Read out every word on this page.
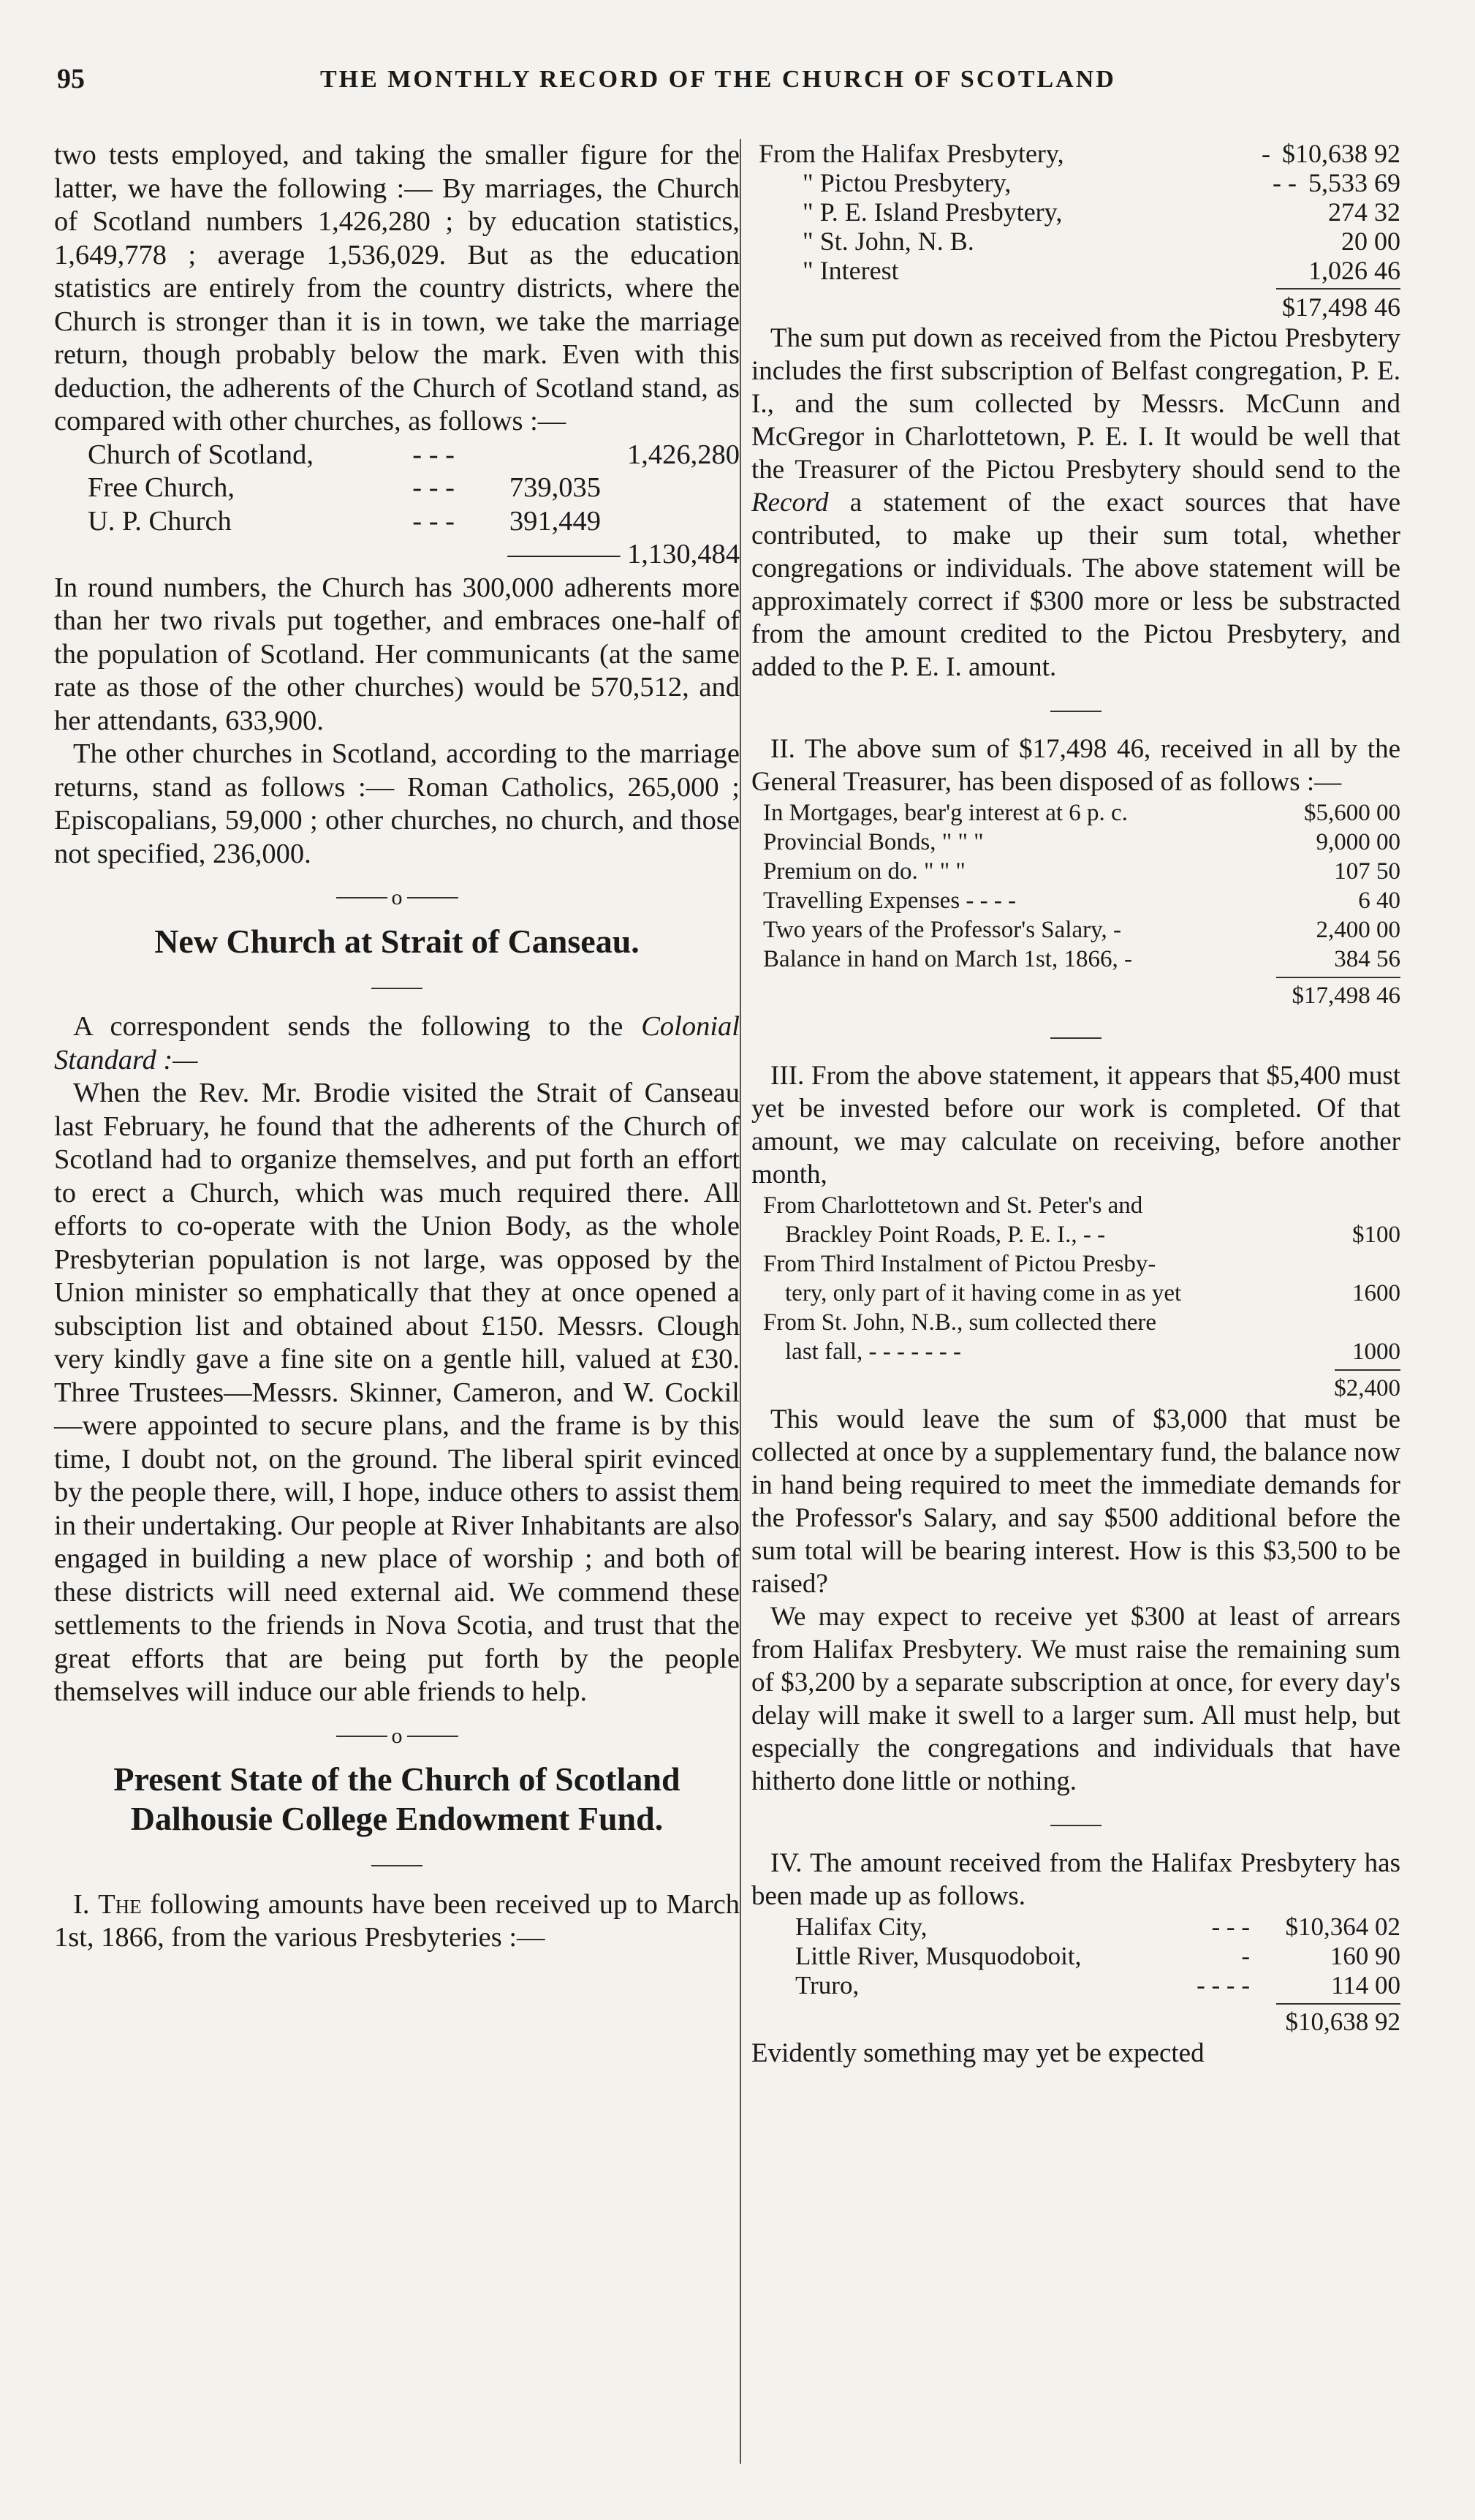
95	THE MONTHLY RECORD OF THE CHURCH OF SCOTLAND

two tests employed, and taking the smaller figure for the latter, we have the following :— By marriages, the Church of Scotland numbers 1,426,280 ; by education statistics, 1,649,778 ; average 1,536,029. But as the education statistics are entirely from the country districts, where the Church is stronger than it is in town, we take the marriage return, though probably below the mark. Even with this deduction, the adherents of the Church of Scotland stand, as compared with other churches, as follows :—

Church of Scotland,	- - -	1,426,280
Free Church,	- - -	739,035
U. P. Church	- - -	391,449
———— 1,130,484

In round numbers, the Church has 300,000 adherents more than her two rivals put together, and embraces one-half of the population of Scotland. Her communicants (at the same rate as those of the other churches) would be 570,512, and her attendants, 633,900.

The other churches in Scotland, according to the marriage returns, stand as follows :— Roman Catholics, 265,000 ; Episcopalians, 59,000 ; other churches, no church, and those not specified, 236,000.

o
New Church at Strait of Canseau.

A correspondent sends the following to the Colonial Standard :—

When the Rev. Mr. Brodie visited the Strait of Canseau last February, he found that the adherents of the Church of Scotland had to organize themselves, and put forth an effort to erect a Church, which was much required there. All efforts to co-operate with the Union Body, as the whole Presbyterian population is not large, was opposed by the Union minister so emphatically that they at once opened a subsciption list and obtained about £150. Messrs. Clough very kindly gave a fine site on a gentle hill, valued at £30. Three Trustees—Messrs. Skinner, Cameron, and W. Cockil—were appointed to secure plans, and the frame is by this time, I doubt not, on the ground. The liberal spirit evinced by the people there, will, I hope, induce others to assist them in their undertaking. Our people at River Inhabitants are also engaged in building a new place of worship ; and both of these districts will need external aid. We commend these settlements to the friends in Nova Scotia, and trust that the great efforts that are being put forth by the people themselves will induce our able friends to help.

o
Present State of the Church of Scotland Dalhousie College Endowment Fund.

I. The following amounts have been received up to March 1st, 1866, from the various Presbyteries :—

From the Halifax Presbytery,	- $10,638 92
" Pictou Presbytery,	- - 5,533 69
" P. E. Island Presbytery,	274 32
" St. John, N. B.	20 00
" Interest	1,026 46
$17,498 46

The sum put down as received from the Pictou Presbytery includes the first subscription of Belfast congregation, P. E. I., and the sum collected by Messrs. McCunn and McGregor in Charlottetown, P. E. I. It would be well that the Treasurer of the Pictou Presbytery should send to the Record a statement of the exact sources that have contributed, to make up their sum total, whether congregations or individuals. The above statement will be approximately correct if $300 more or less be substracted from the amount credited to the Pictou Presbytery, and added to the P. E. I. amount.

II. The above sum of $17,498 46, received in all by the General Treasurer, has been disposed of as follows :—

In Mortgages, bear'g interest at 6 p. c.	$5,600 00
Provincial Bonds, " " "	9,000 00
Premium on do. " " "	107 50
Travelling Expenses - - - -	6 40
Two years of the Professor's Salary, -	2,400 00
Balance in hand on March 1st, 1866, -	384 56
$17,498 46

III. From the above statement, it appears that $5,400 must yet be invested before our work is completed. Of that amount, we may calculate on receiving, before another month,

From Charlottetown and St. Peter's and
Brackley Point Roads, P. E. I., - -	$100
From Third Instalment of Pictou Presby-
tery, only part of it having come in as yet	1600
From St. John, N.B., sum collected there
last fall, - - - - - - -	1000
$2,400

This would leave the sum of $3,000 that must be collected at once by a supplementary fund, the balance now in hand being required to meet the immediate demands for the Professor's Salary, and say $500 additional before the sum total will be bearing interest. How is this $3,500 to be raised?

We may expect to receive yet $300 at least of arrears from Halifax Presbytery. We must raise the remaining sum of $3,200 by a separate subscription at once, for every day's delay will make it swell to a larger sum. All must help, but especially the congregations and individuals that have hitherto done little or nothing.

IV. The amount received from the Halifax Presbytery has been made up as follows.

Halifax City,	- - -	$10,364 02
Little River, Musquodoboit,	-	160 90
Truro,	- - - -	114 00
$10,638 92

Evidently something may yet be expected
